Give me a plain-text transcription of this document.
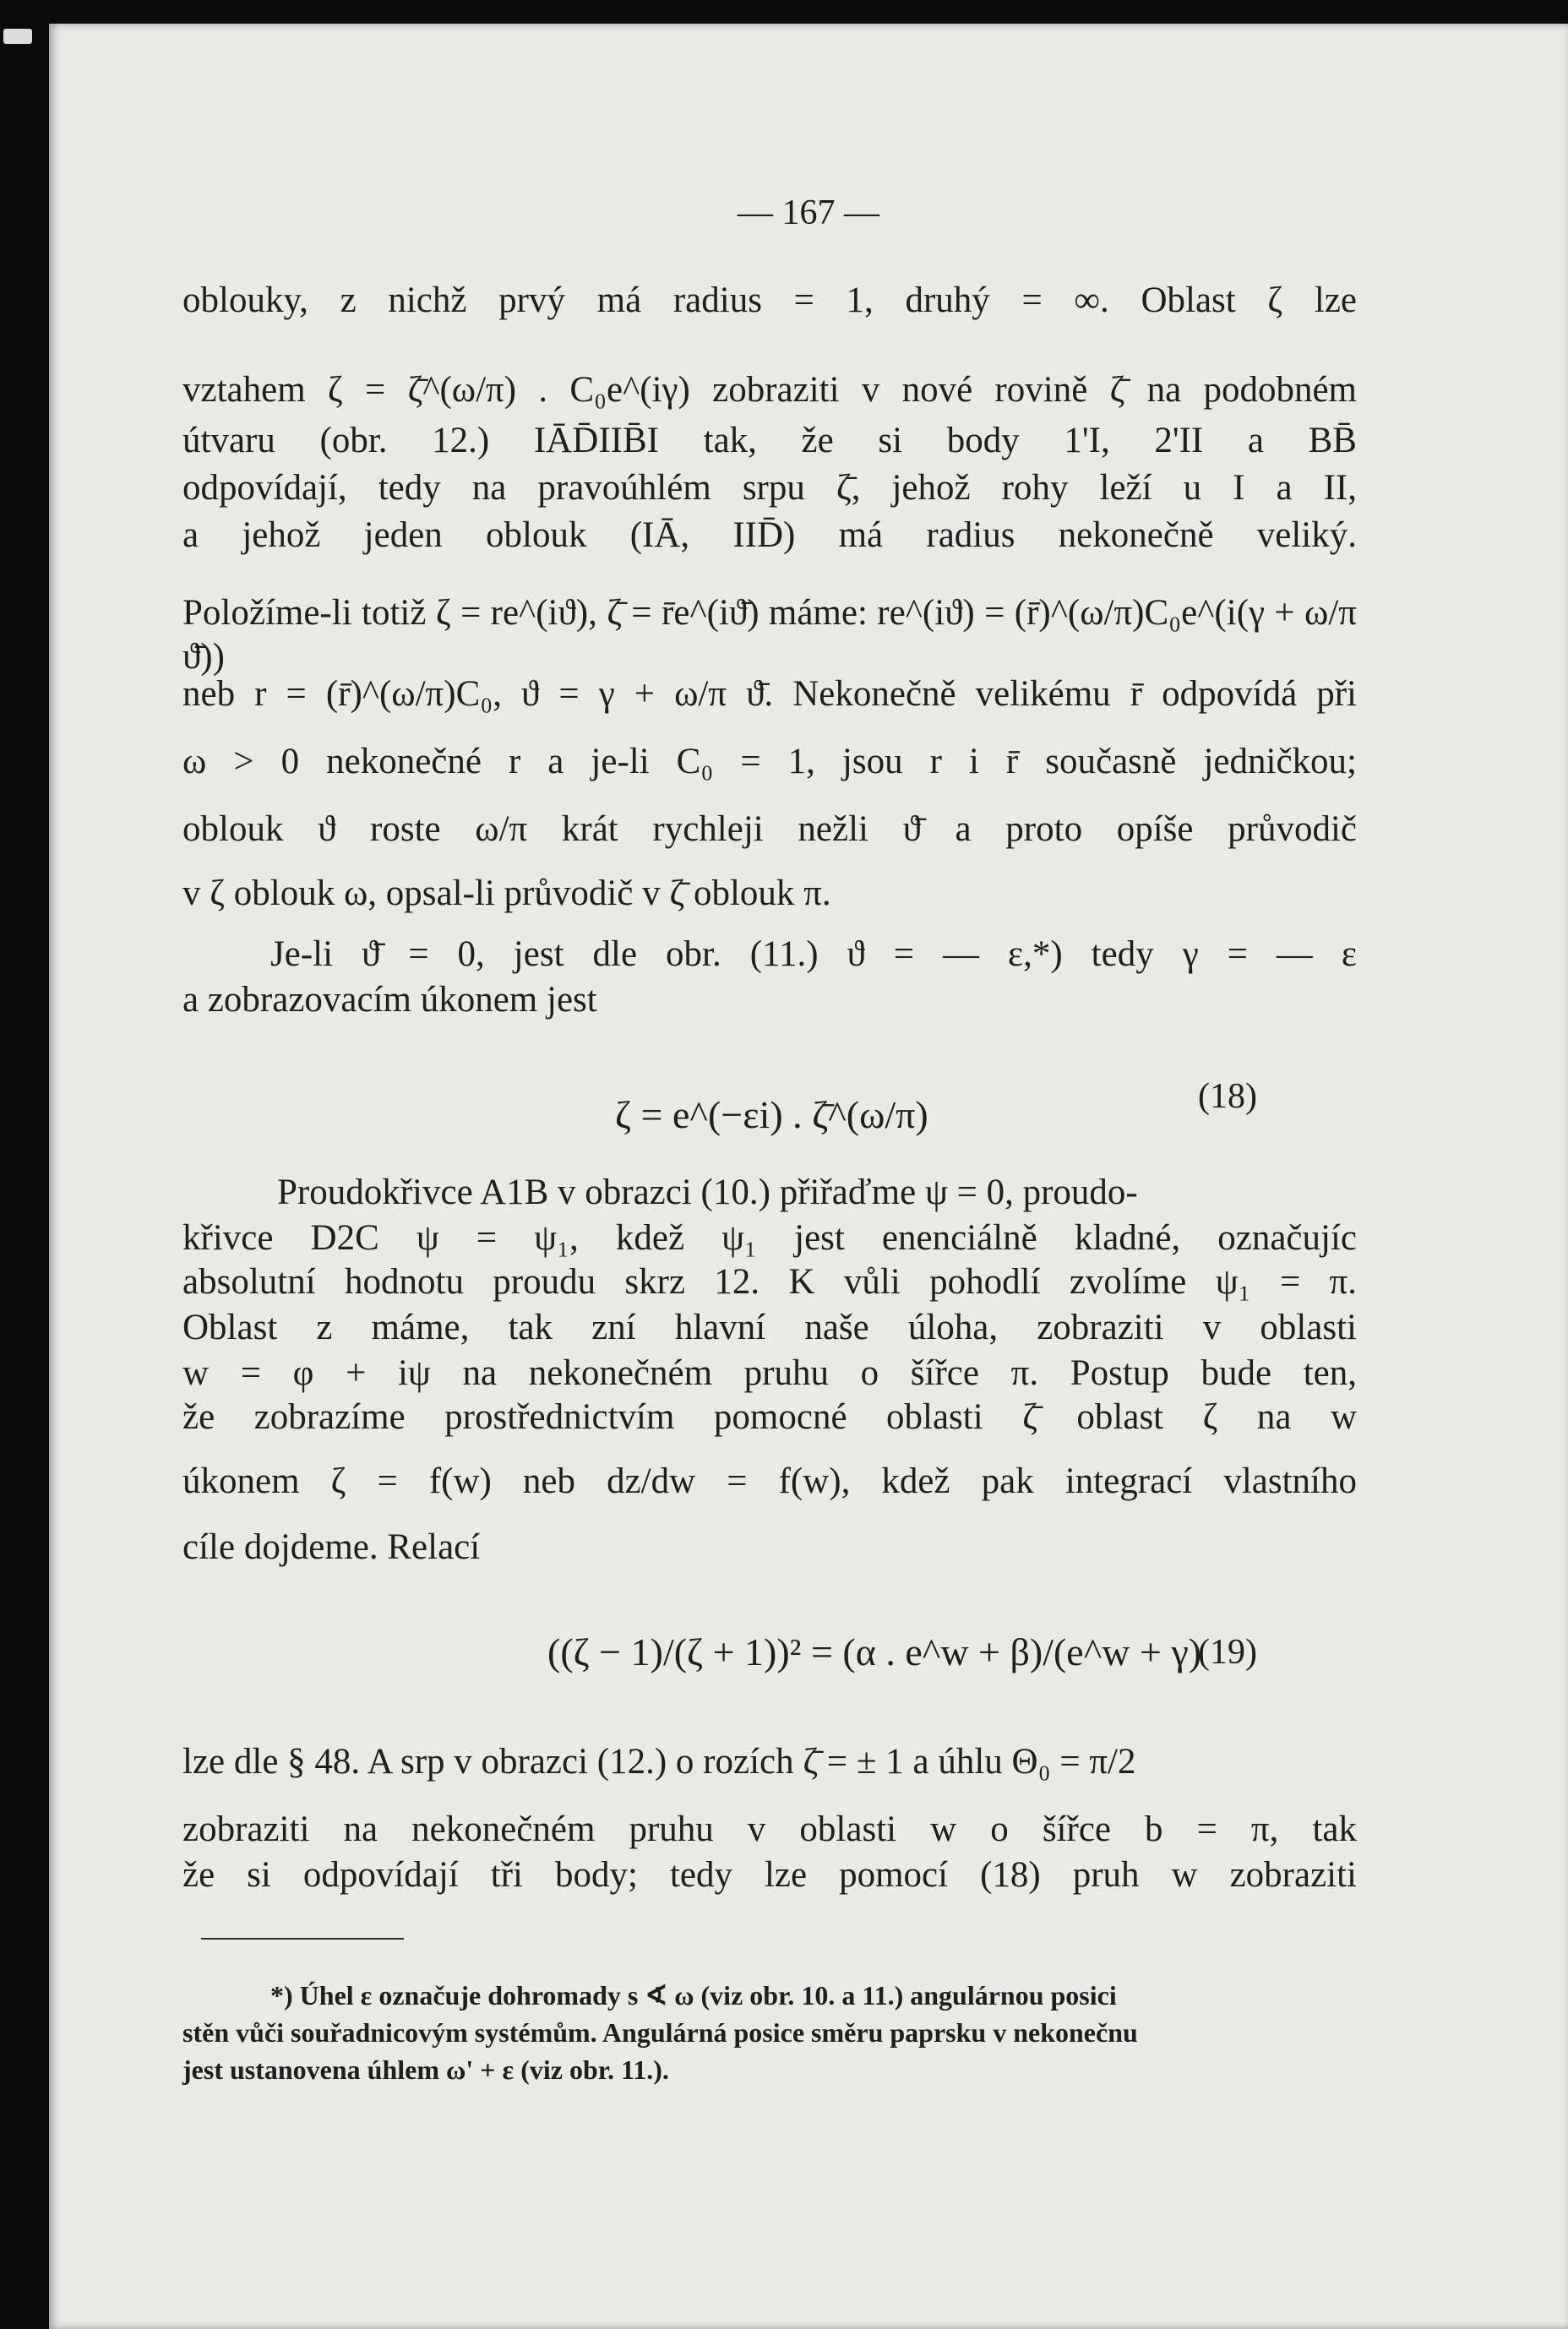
— 167 —
oblouky, z nichž prvý má radius = 1, druhý = ∞. Oblast ζ lze
vztahem ζ = ζ̄^(ω/π) . C₀e^(iγ) zobraziti v nové rovině ζ̄ na podobném
útvaru (obr. 12.) IĀD̄IIB̄I tak, že si body 1'I, 2'II a BB̄
odpovídají, tedy na pravoúhlém srpu ζ̄, jehož rohy leží u I a II,
a jehož jeden oblouk (IĀ, IID̄) má radius nekonečně veliký.
Položíme-li totiž ζ = re^(iϑ), ζ̄ = r̄e^(iϑ̄) máme: re^(iϑ) = (r̄)^(ω/π)C₀e^(i(γ + ω/π ϑ̄))
neb r = (r̄)^(ω/π)C₀, ϑ = γ + ω/π ϑ̄. Nekonečně velikému r̄ odpovídá při
ω > 0 nekonečné r a je-li C₀ = 1, jsou r i r̄ současně jedničkou;
oblouk ϑ roste ω/π krát rychleji nežli ϑ̄ a proto opíše průvodič
v ζ oblouk ω, opsal-li průvodič v ζ̄ oblouk π.
Je-li ϑ̄ = 0, jest dle obr. (11.) ϑ = — ε,*) tedy γ = — ε
a zobrazovacím úkonem jest
ζ = e^(−εi) . ζ̄^(ω/π)	(18)
Proudokřivce A1B v obrazci (10.) přiřaďme ψ = 0, proudo-
křivce D2C ψ = ψ₁, kdež ψ₁ jest enenciálně kladné, označujíc
absolutní hodnotu proudu skrz 12. K vůli pohodlí zvolíme ψ₁ = π.
Oblast z máme, tak zní hlavní naše úloha, zobraziti v oblasti
w = φ + iψ na nekonečném pruhu o šířce π. Postup bude ten,
že zobrazíme prostřednictvím pomocné oblasti ζ̄ oblast ζ na w
úkonem ζ = f(w) neb dz/dw = f(w), kdež pak integrací vlastního
cíle dojdeme. Relací
((ζ − 1)/(ζ + 1))² = (α . e^w + β)/(e^w + γ)
(19)
lze dle § 48. A srp v obrazci (12.) o rozích ζ̄ = ± 1 a úhlu Θ₀ = π/2
zobraziti na nekonečném pruhu v oblasti w o šířce b = π, tak
že si odpovídají tři body; tedy lze pomocí (18) pruh w zobraziti
*) Úhel ε označuje dohromady s ∢ ω (viz obr. 10. a 11.) angulárnou posici
stěn vůči souřadnicovým systémům. Angulárná posice směru paprsku v nekonečnu
jest ustanovena úhlem ω' + ε (viz obr. 11.).
